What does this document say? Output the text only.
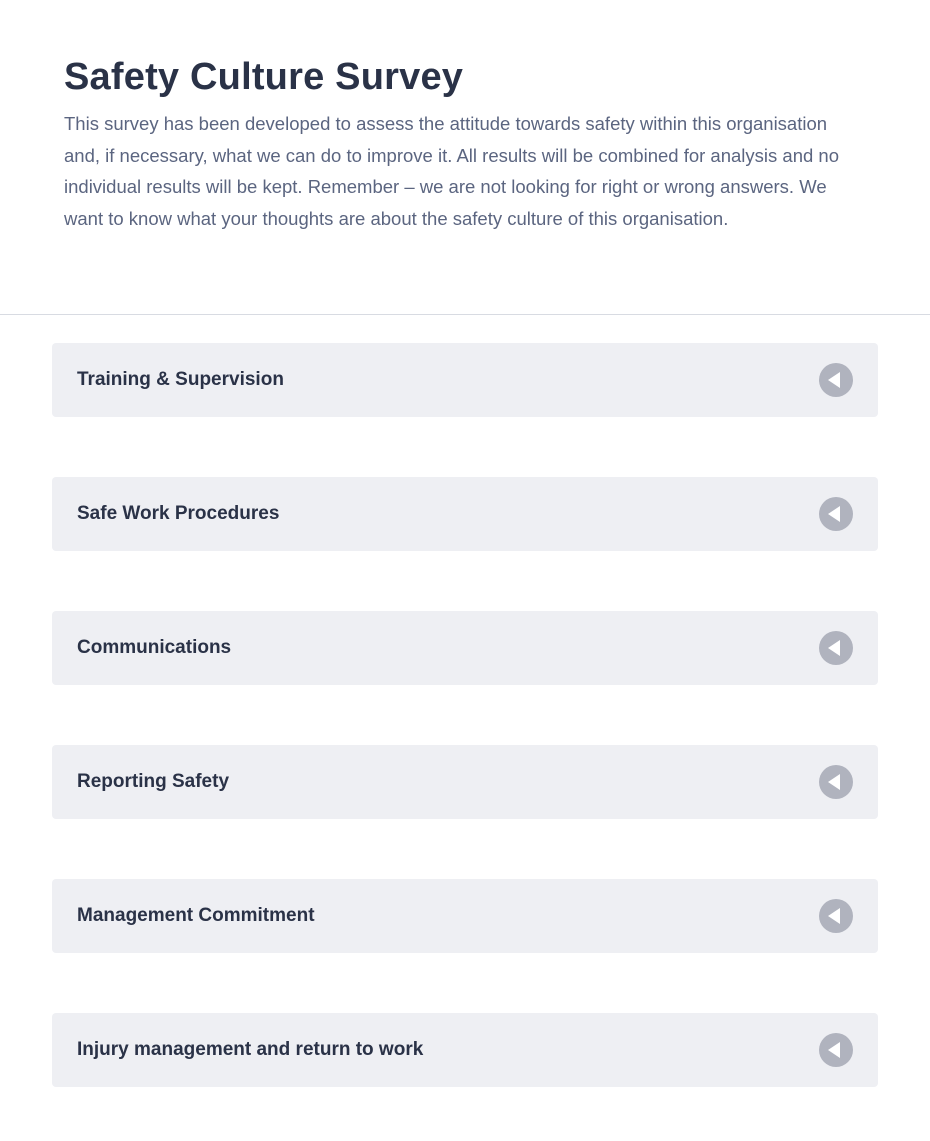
Safety Culture Survey

This survey has been developed to assess the attitude towards safety within this organisation and, if necessary, what we can do to improve it. All results will be combined for analysis and no individual results will be kept. Remember – we are not looking for right or wrong answers. We want to know what your thoughts are about the safety culture of this organisation.

Training & Supervision
Safe Work Procedures
Communications
Reporting Safety
Management Commitment
Injury management and return to work
